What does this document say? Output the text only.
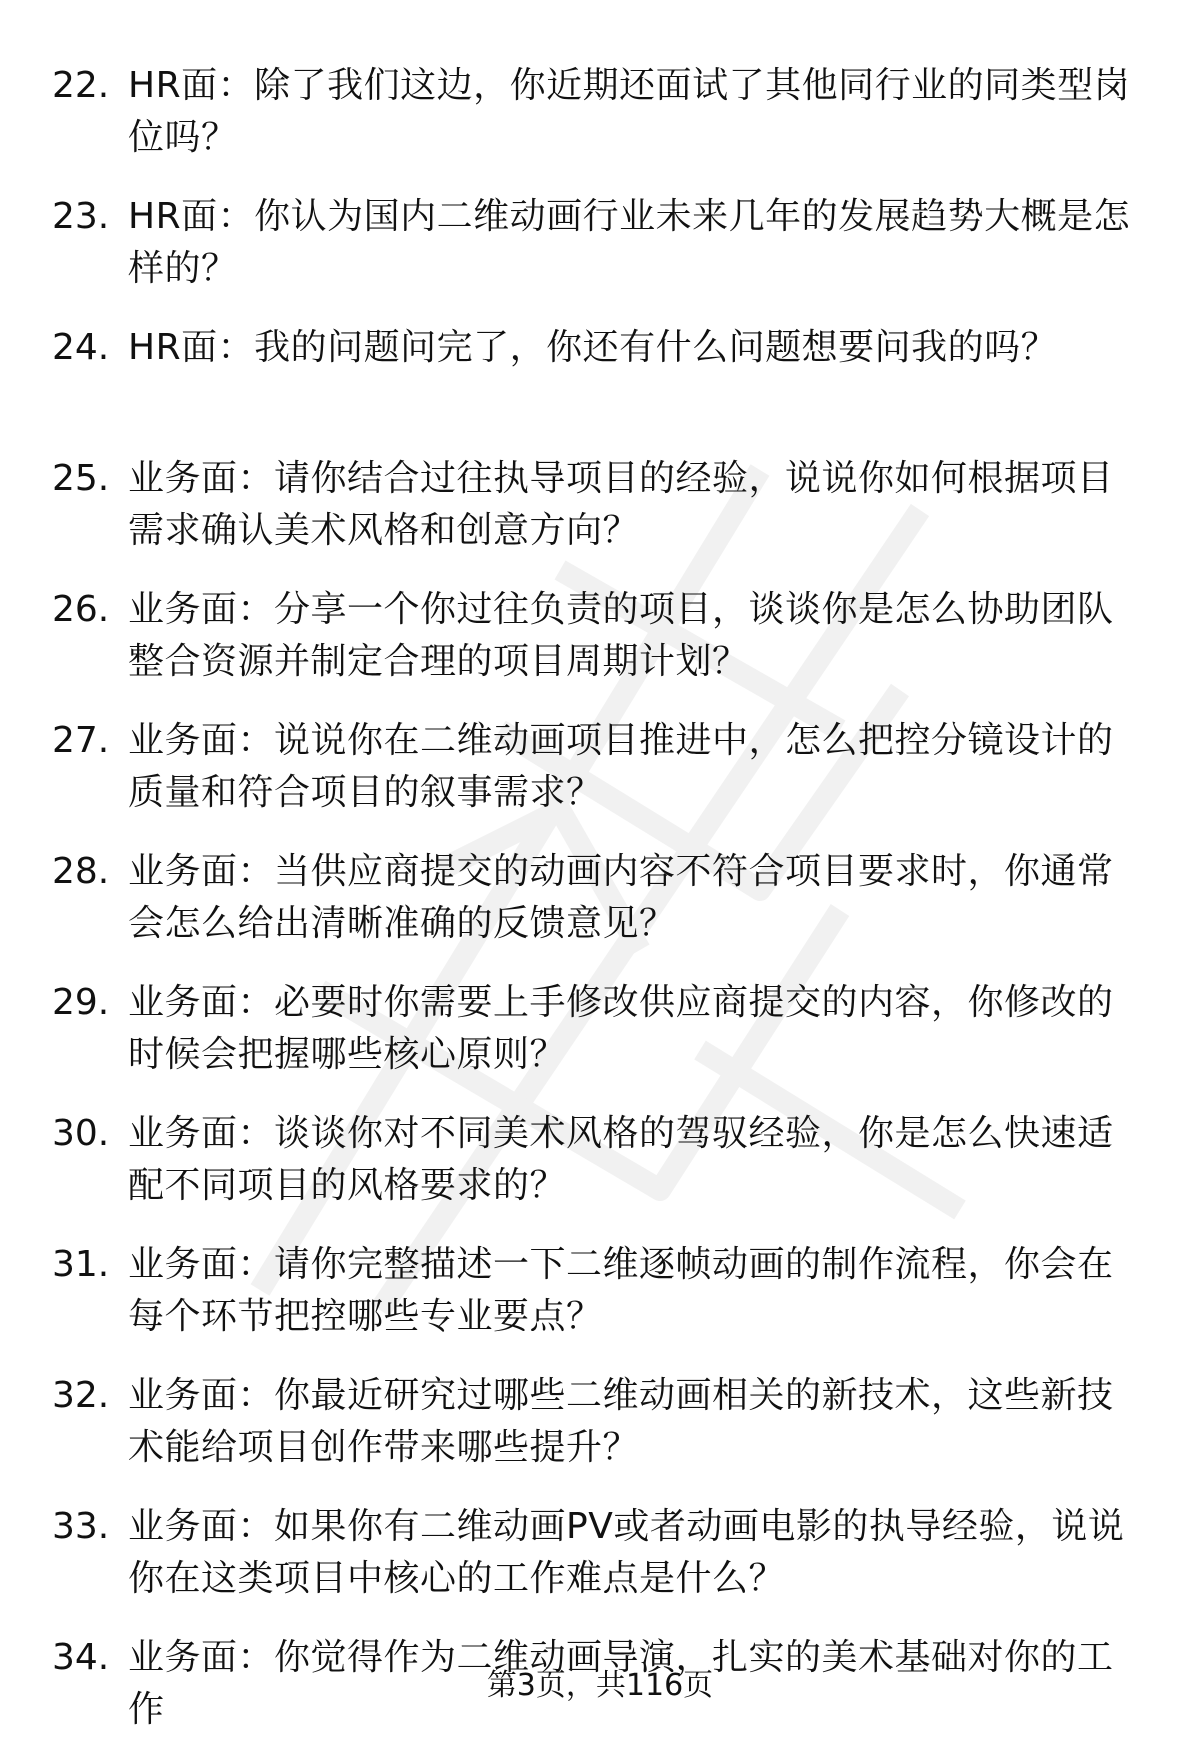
22. HR面：除了我们这边，你近期还面试了其他同行业的同类型岗位吗？
23. HR面：你认为国内二维动画行业未来几年的发展趋势大概是怎样的？
24. HR面：我的问题问完了，你还有什么问题想要问我的吗？
25. 业务面：请你结合过往执导项目的经验，说说你如何根据项目需求确认美术风格和创意方向？
26. 业务面：分享一个你过往负责的项目，谈谈你是怎么协助团队整合资源并制定合理的项目周期计划？
27. 业务面：说说你在二维动画项目推进中，怎么把控分镜设计的质量和符合项目的叙事需求？
28. 业务面：当供应商提交的动画内容不符合项目要求时，你通常会怎么给出清晰准确的反馈意见？
29. 业务面：必要时你需要上手修改供应商提交的内容，你修改的时候会把握哪些核心原则？
30. 业务面：谈谈你对不同美术风格的驾驭经验，你是怎么快速适配不同项目的风格要求的？
31. 业务面：请你完整描述一下二维逐帧动画的制作流程，你会在每个环节把控哪些专业要点？
32. 业务面：你最近研究过哪些二维动画相关的新技术，这些新技术能给项目创作带来哪些提升？
33. 业务面：如果你有二维动画PV或者动画电影的执导经验，说说你在这类项目中核心的工作难点是什么？
34. 业务面：你觉得作为二维动画导演，扎实的美术基础对你的工作
第3页，共116页
